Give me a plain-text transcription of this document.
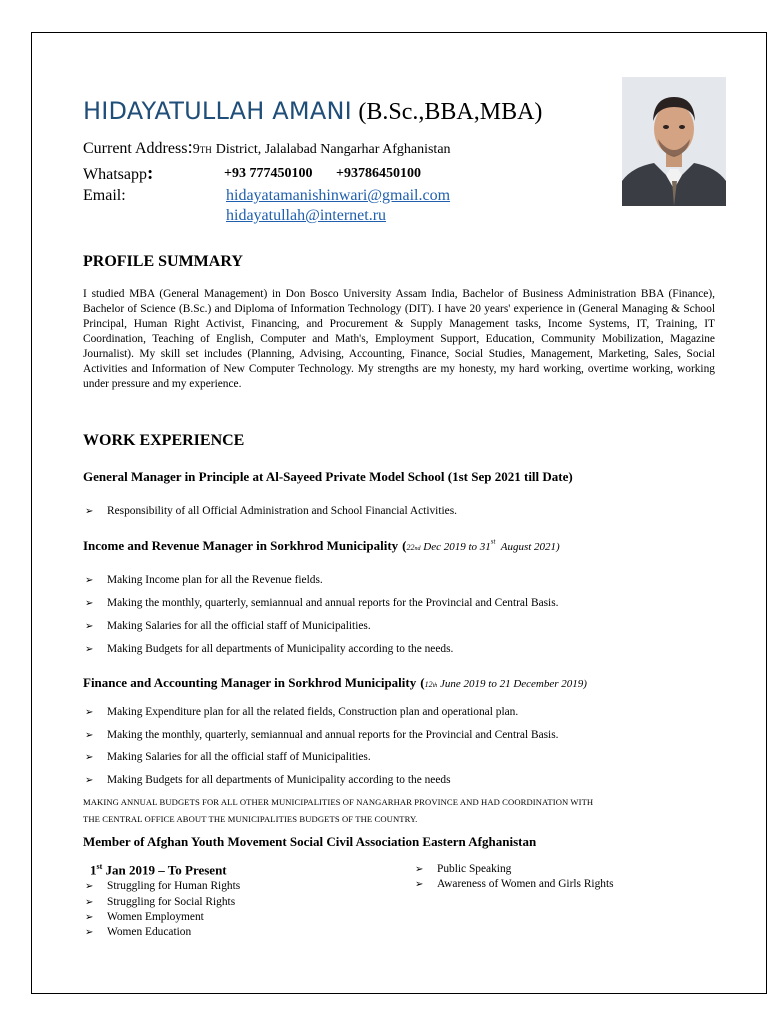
HIDAYATULLAH AMANI (B.Sc.,BBA,MBA)
Current Address:9TH District, Jalalabad Nangarhar Afghanistan
Whatsapp:	+93 777450100 +93786450100
Email:	hidayatamanishinwari@gmail.com
hidayatullah@internet.ru
PROFILE SUMMARY
I studied MBA (General Management) in Don Bosco University Assam India, Bachelor of Business Administration BBA (Finance), Bachelor of Science (B.Sc.) and Diploma of Information Technology (DIT). I have 20 years' experience in (General Managing & School Principal, Human Right Activist, Financing, and Procurement & Supply Management tasks, Income Systems, IT, Training, IT Coordination, Teaching of English, Computer and Math's, Employment Support, Education, Community Mobilization, Magazine Journalist). My skill set includes (Planning, Advising, Accounting, Finance, Social Studies, Management, Marketing, Sales, Social Activities and Information of New Computer Technology. My strengths are my honesty, my hard working, overtime working, working under pressure and my experience.
WORK EXPERIENCE
General Manager in Principle at Al-Sayeed Private Model School (1st Sep 2021 till Date)
➢ Responsibility of all Official Administration and School Financial Activities.
Income and Revenue Manager in Sorkhrod Municipality (22nd Dec 2019 to 31st  August 2021)
➢ Making Income plan for all the Revenue fields.
➢ Making the monthly, quarterly, semiannual and annual reports for the Provincial and Central Basis.
➢ Making Salaries for all the official staff of Municipalities.
➢ Making Budgets for all departments of Municipality according to the needs.
Finance and Accounting Manager in Sorkhrod Municipality (12th June 2019 to 21 December 2019)
➢ Making Expenditure plan for all the related fields, Construction plan and operational plan.
➢ Making the monthly, quarterly, semiannual and annual reports for the Provincial and Central Basis.
➢ Making Salaries for all the official staff of Municipalities.
➢ Making Budgets for all departments of Municipality according to the needs
MAKING ANNUAL BUDGETS FOR ALL OTHER MUNICIPALITIES OF NANGARHAR PROVINCE AND HAD COORDINATION WITH
THE CENTRAL OFFICE ABOUT THE MUNICIPALITIES BUDGETS OF THE COUNTRY.
Member of Afghan Youth Movement Social Civil Association Eastern Afghanistan
1st Jan 2019 – To Present
➢ Struggling for Human Rights
➢ Struggling for Social Rights
➢ Women Employment
➢ Women Education
➢ Public Speaking
➢ Awareness of Women and Girls Rights
